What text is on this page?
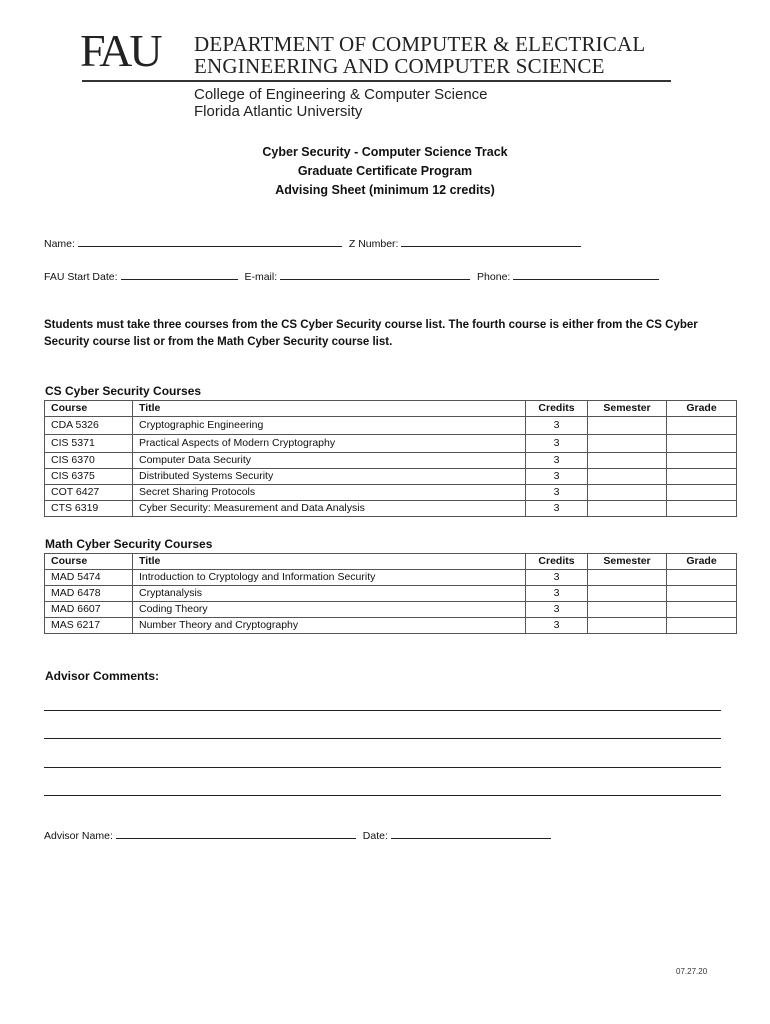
FAU DEPARTMENT OF COMPUTER & ELECTRICAL
ENGINEERING AND COMPUTER SCIENCE
College of Engineering & Computer Science
Florida Atlantic University
Cyber Security - Computer Science Track
Graduate Certificate Program
Advising Sheet (minimum 12 credits)
Name:	Z Number:
FAU Start Date:	E-mail:	Phone:
Students must take three courses from the CS Cyber Security course list. The fourth course is either from the CS Cyber Security course list or from the Math Cyber Security course list.
CS Cyber Security Courses
Course	Title	Credits	Semester	Grade
CDA 5326	Cryptographic Engineering	3		
CIS 5371	Practical Aspects of Modern Cryptography	3		
CIS 6370	Computer Data Security	3		
CIS 6375	Distributed Systems Security	3		
COT 6427	Secret Sharing Protocols	3		
CTS 6319	Cyber Security: Measurement and Data Analysis	3		
Math Cyber Security Courses
Course	Title	Credits	Semester	Grade
MAD 5474	Introduction to Cryptology and Information Security	3		
MAD 6478	Cryptanalysis	3		
MAD 6607	Coding Theory	3		
MAS 6217	Number Theory and Cryptography	3		
Advisor Comments:
Advisor Name:	Date:
07.27.20
